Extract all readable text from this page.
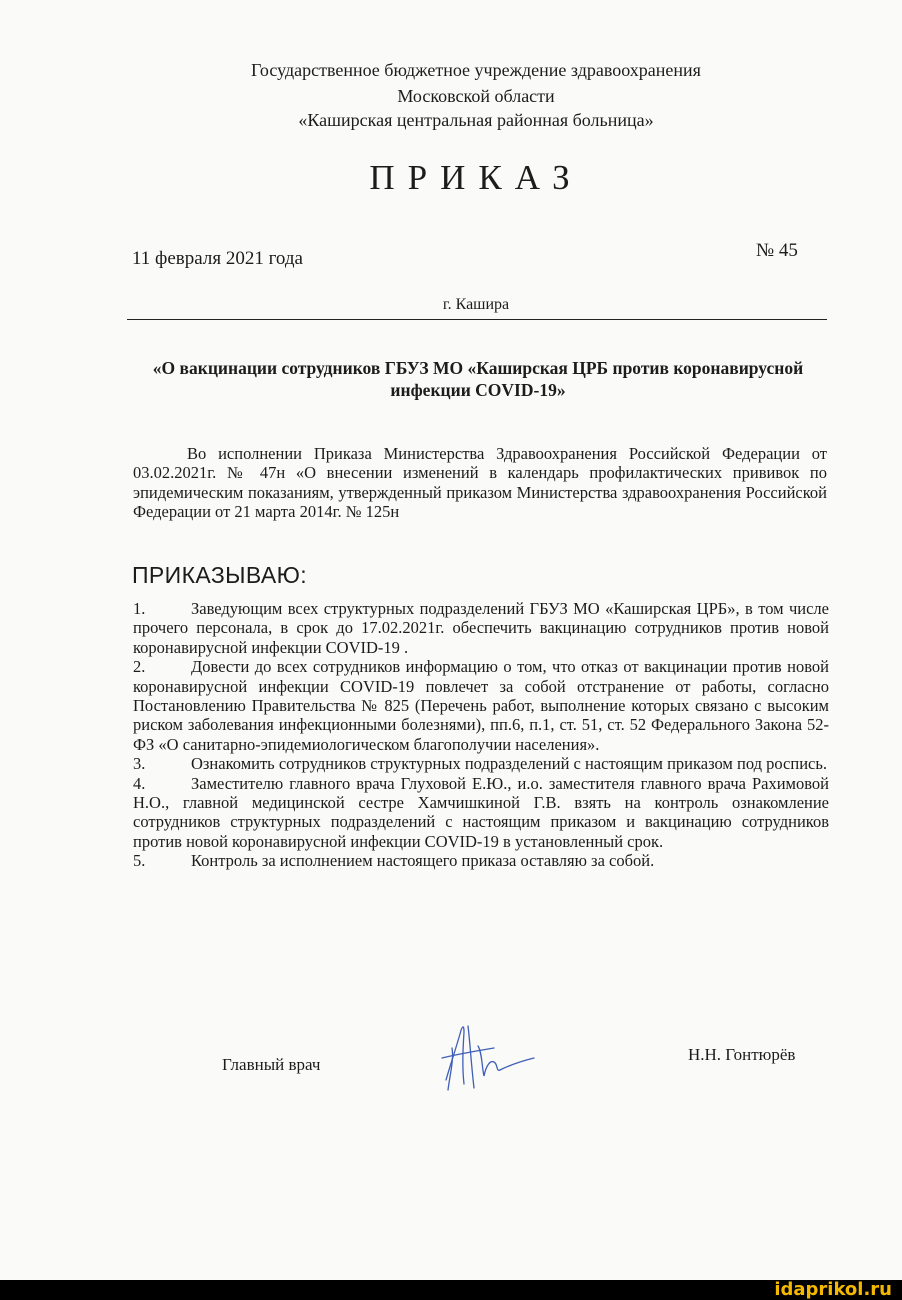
Государственное бюджетное учреждение здравоохранения
Московской области
«Каширская центральная районная больница»
ПРИКАЗ
11 февраля 2021 года	№ 45
г. Кашира
«О вакцинации сотрудников ГБУЗ МО «Каширская ЦРБ против коронавирусной
инфекции COVID-19»
Во исполнении Приказа Министерства Здравоохранения Российской Федерации от 03.02.2021г. № 47н «О внесении изменений в календарь профилактических прививок по эпидемическим показаниям, утвержденный приказом Министерства здравоохранения Российской Федерации от 21 марта 2014г. № 125н
ПРИКАЗЫВАЮ:
1.	Заведующим всех структурных подразделений ГБУЗ МО «Каширская ЦРБ», в том числе прочего персонала, в срок до 17.02.2021г. обеспечить вакцинацию сотрудников против новой коронавирусной инфекции COVID-19 .
2.	Довести до всех сотрудников информацию о том, что отказ от вакцинации против новой коронавирусной инфекции COVID-19 повлечет за собой отстранение от работы, согласно Постановлению Правительства № 825 (Перечень работ, выполнение которых связано с высоким риском заболевания инфекционными болезнями), пп.6, п.1, ст. 51, ст. 52 Федерального Закона 52-ФЗ «О санитарно-эпидемиологическом благополучии населения».
3.	Ознакомить сотрудников структурных подразделений с настоящим приказом под роспись.
4.	Заместителю главного врача Глуховой Е.Ю., и.о. заместителя главного врача Рахимовой Н.О., главной медицинской сестре Хамчишкиной Г.В. взять на контроль ознакомление сотрудников структурных подразделений с настоящим приказом и вакцинацию сотрудников против новой коронавирусной инфекции COVID-19 в установленный срок.
5.	Контроль за исполнением настоящего приказа оставляю за собой.
Главный врач
Н.Н. Гонтюрёв
idaprikol.ru
